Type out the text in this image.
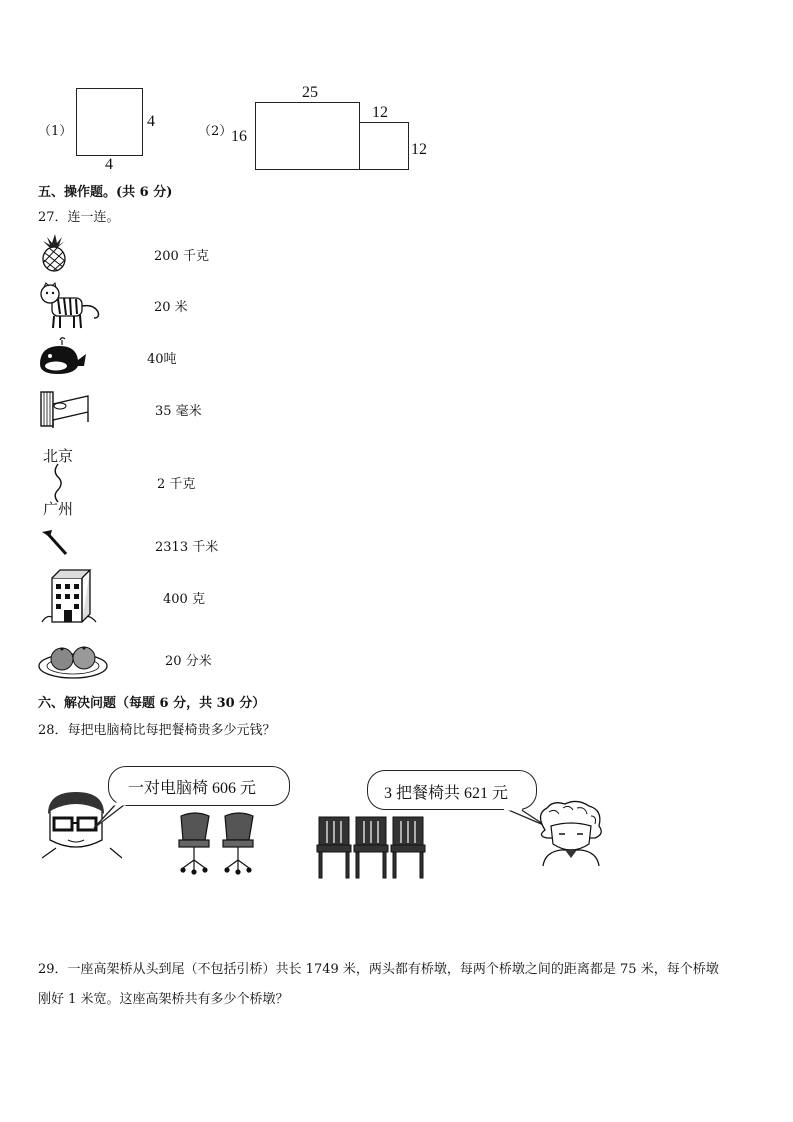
（1）
4
4
（2）
16
25
12
12
五、操作题。(共 6 分)
27．连一连。
200 千克
20 米
40吨
35 毫米
北京
广州
2 千克
2313 千米
400 克
20 分米
六、解决问题（每题 6 分，共 30 分）
28．每把电脑椅比每把餐椅贵多少元钱？
一对电脑椅 606 元	3 把餐椅共 621 元
29．一座高架桥从头到尾（不包括引桥）共长 1749 米，两头都有桥墩，每两个桥墩之间的距离都是 75 米，每个桥墩
刚好 1 米宽。这座高架桥共有多少个桥墩？
